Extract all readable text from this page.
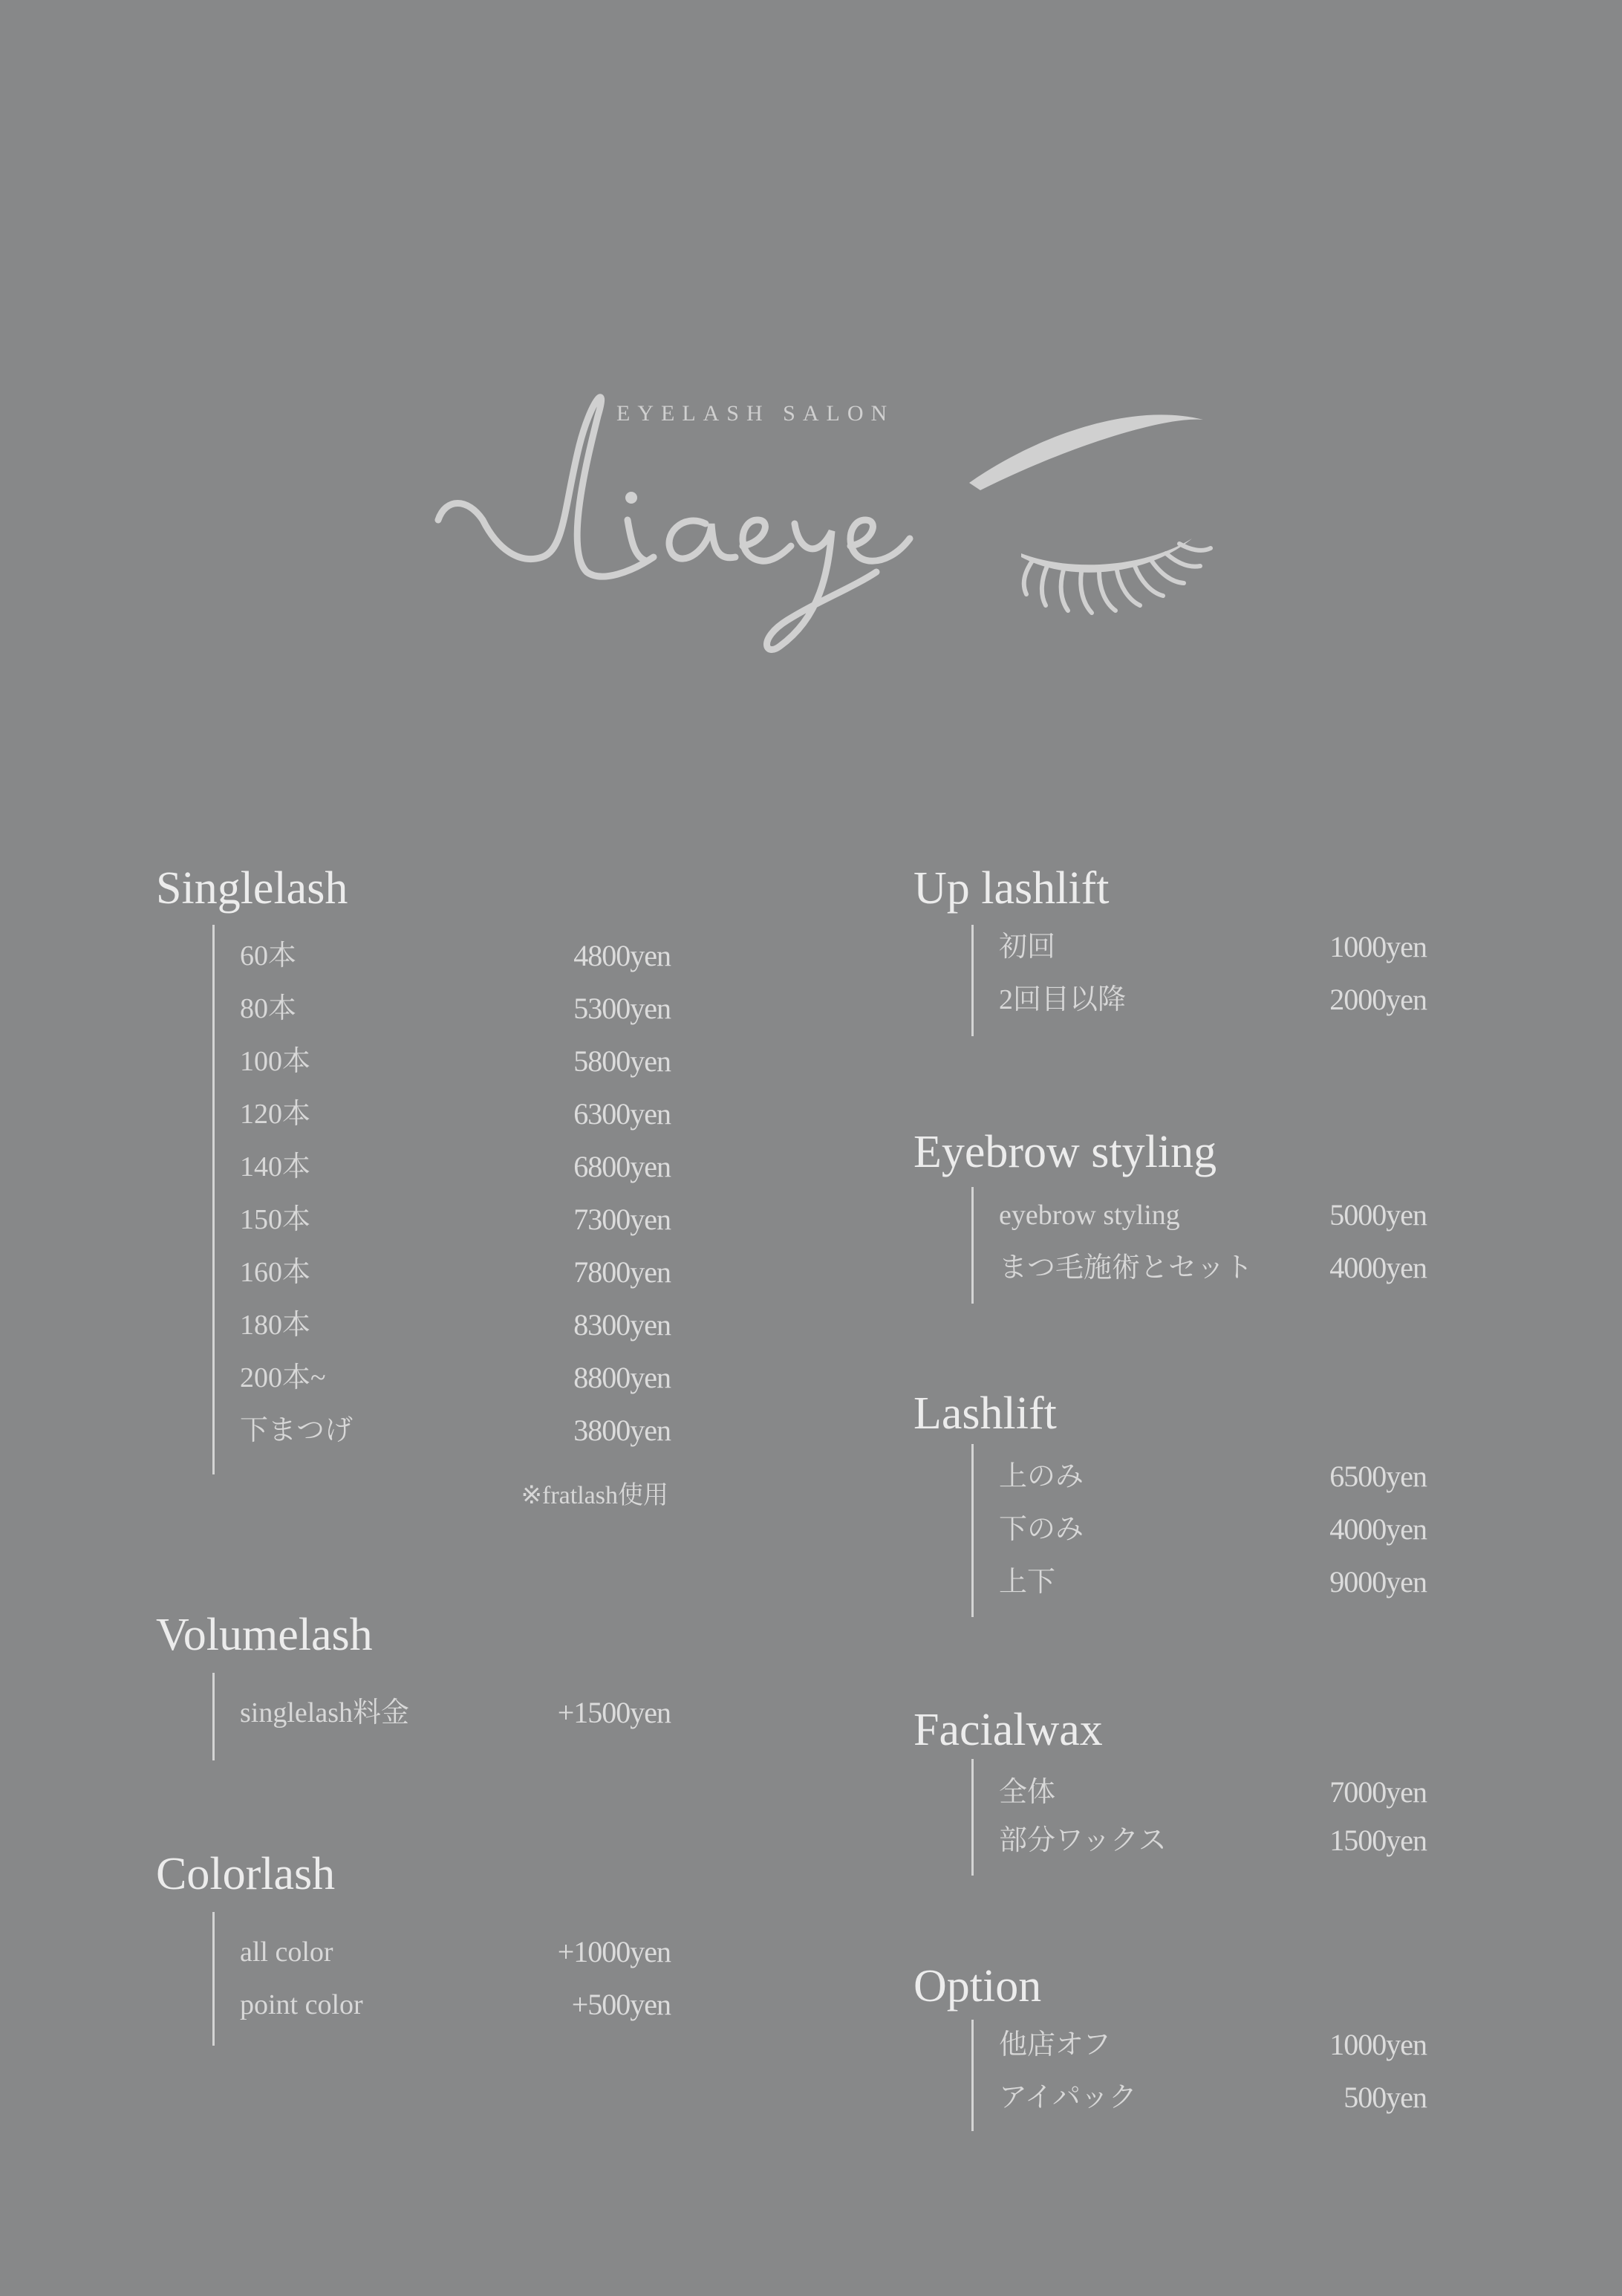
EYELASH SALON
Singlelash
60本	4800yen
80本	5300yen
100本	5800yen
120本	6300yen
140本	6800yen
150本	7300yen
160本	7800yen
180本	8300yen
200本~	8800yen
下まつげ	3800yen
※fratlash使用
Volumelash
singlelash料金	+1500yen
Colorlash
all color	+1000yen
point color	+500yen
Up lashlift
初回	1000yen
2回目以降	2000yen
Eyebrow styling
eyebrow styling	5000yen
まつ毛施術とセット	4000yen
Lashlift
上のみ	6500yen
下のみ	4000yen
上下	9000yen
Facialwax
全体	7000yen
部分ワックス	1500yen
Option
他店オフ	1000yen
アイパック	500yen
